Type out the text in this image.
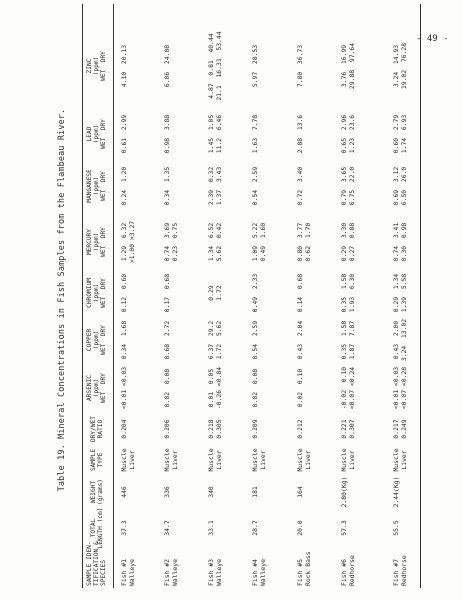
- 49 -
Table 19. Mineral Concentrations in Fish Samples from the Flambeau River.
SAMPLE IDEN-
TIFICATION &
SPECIES
TOTAL
LENGTH (cm)
WEIGHT
(grams)
SAMPLE
TYPE
DRY/WET
RATIO
ARSENIC
(ppm)
WET  DRY
COPPER
(ppm)
WET  DRY
CHROMIUM
(ppm)
WET  DRY
MERCURY
(ppm)
WET  DRY
MANGANESE
(ppm)
WET  DRY
LEAD
(ppm)
WET  DRY
ZINC
(ppm)
WET  DRY
Fish #1
Walleye
37.3
446
Muscle
Liver
0.204
<0.01 <0.03
0.34  1.68
0.12  0.60
1.29  6.32
>1.00 >3.27
0.24  1.20
0.61  2.99
4.10  20.13
Fish #2
Walleye
34.7
336
Muscle
Liver
0.206
0.02  0.08
0.68  2.72
0.17  0.68
0.74  3.69
0.23  0.75
0.34  1.35
0.98  3.88
6.06  24.08
Fish #3
Walleye
33.1
340
Muscle
Liver
0.218
0.305
0.01  0.05
-0.26 <0.84
6.37  29.2
1.72  5.62
0.29
1.72
1.34  6.52
5.62  0.42
2.39  0.32
1.37  3.43
1.45  1.05
11.2  6.46
4.87  0.81  40.44
21.1  16.31  53.44
Fish #4
Walleye
28.7
181
Muscle
Liver
0.209
0.02  0.08
0.54  2.59
0.49  2.33
1.09  5.22
0.49  1.60
0.54  2.59
1.63  7.78
5.97  28.53
Fish #5
Rock Bass
20.0
164
Muscle
Liver
0.212
0.02  0.10
0.43  2.04
0.14  0.68
0.80  3.77
0.62  1.70
0.72  3.40
2.88  13.6
7.80  36.73
Fish #6
Redhorse
57.3
2.80(Kg)
Muscle
Liver
0.221
0.307
-0.02  0.10
<0.07 <0.24
0.35  1.58
1.87  7.87
0.35  1.58
1.93  6.30
0.29  3.30
0.27  0.88
0.79  3.65
6.75  22.0
0.65  2.96
1.23  23.6
3.76  16.99
29.88  97.64
Fish #7
Redhorse
55.5
2.44(Kg)
Muscle
Liver
0.217
0.249
<0.01 <0.03
<0.07 <0.28
0.43  2.00
3.24  13.02
0.29  1.34
1.39  5.58
0.74  3.41
0.30  0.98
0.69  3.12
6.50  26.0
0.60  2.79
1.74  6.93
3.24  14.93
19.02  76.28
